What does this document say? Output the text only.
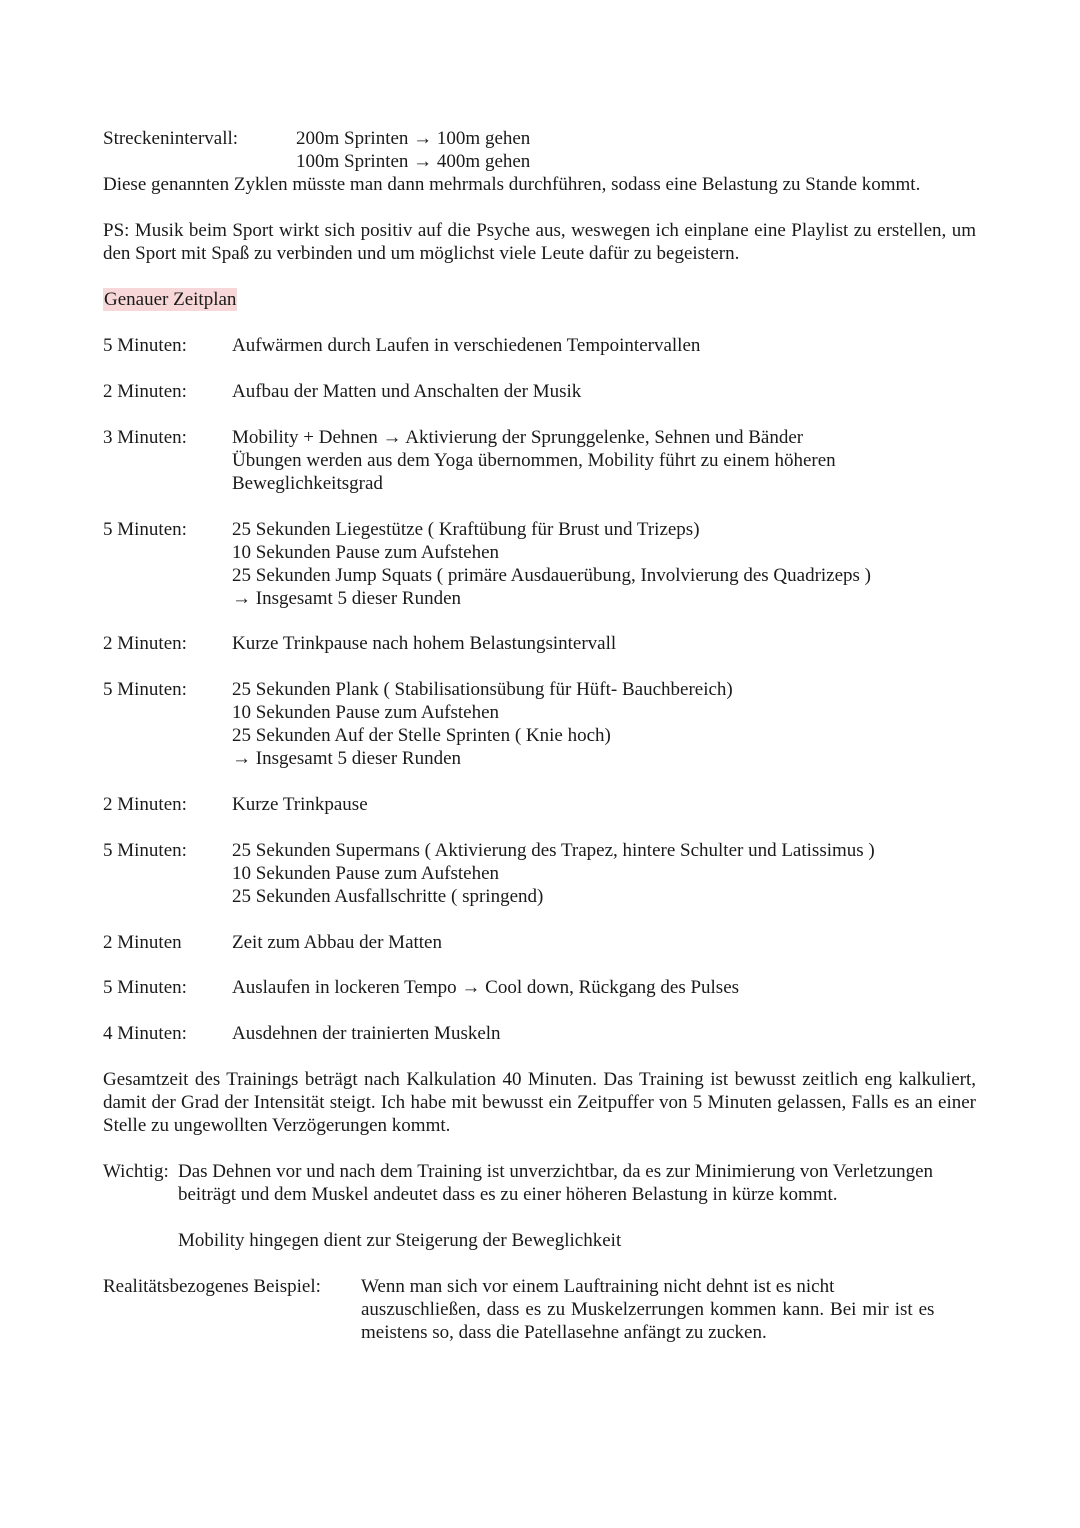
Streckenintervall:	200m Sprinten → 100m gehen
100m Sprinten → 400m gehen
Diese genannten Zyklen müsste man dann mehrmals durchführen, sodass eine Belastung zu Stande kommt.
PS: Musik beim Sport wirkt sich positiv auf die Psyche aus, weswegen ich einplane eine Playlist zu erstellen, um den Sport mit Spaß zu verbinden und um möglichst viele Leute dafür zu begeistern.
Genauer Zeitplan
5 Minuten: Aufwärmen durch Laufen in verschiedenen Tempointervallen
2 Minuten: Aufbau der Matten und Anschalten der Musik
3 Minuten: Mobility + Dehnen → Aktivierung der Sprunggelenke, Sehnen und Bänder
Übungen werden aus dem Yoga übernommen, Mobility führt zu einem höheren
Beweglichkeitsgrad
5 Minuten: 25 Sekunden Liegestütze ( Kraftübung für Brust und Trizeps)
10 Sekunden Pause zum Aufstehen
25 Sekunden Jump Squats ( primäre Ausdauerübung, Involvierung des Quadrizeps )
→ Insgesamt 5 dieser Runden
2 Minuten: Kurze Trinkpause nach hohem Belastungsintervall
5 Minuten: 25 Sekunden Plank ( Stabilisationsübung für Hüft- Bauchbereich)
10 Sekunden Pause zum Aufstehen
25 Sekunden Auf der Stelle Sprinten ( Knie hoch)
→ Insgesamt 5 dieser Runden
2 Minuten: Kurze Trinkpause
5 Minuten: 25 Sekunden Supermans ( Aktivierung des Trapez, hintere Schulter und Latissimus )
10 Sekunden Pause zum Aufstehen
25 Sekunden Ausfallschritte ( springend)
2 Minuten	Zeit zum Abbau der Matten
5 Minuten: Auslaufen in lockeren Tempo → Cool down, Rückgang des Pulses
4 Minuten: Ausdehnen der trainierten Muskeln
Gesamtzeit des Trainings beträgt nach Kalkulation 40 Minuten. Das Training ist bewusst zeitlich eng kalkuliert, damit der Grad der Intensität steigt. Ich habe mit bewusst ein Zeitpuffer von 5 Minuten gelassen, Falls es an einer Stelle zu ungewollten Verzögerungen kommt.
Wichtig: Das Dehnen vor und nach dem Training ist unverzichtbar, da es zur Minimierung von Verletzungen
beiträgt und dem Muskel andeutet dass es zu einer höheren Belastung in kürze kommt.
Mobility hingegen dient zur Steigerung der Beweglichkeit
Realitätsbezogenes Beispiel: Wenn man sich vor einem Lauftraining nicht dehnt ist es nicht
auszuschließen, dass es zu Muskelzerrungen kommen kann. Bei mir ist es
meistens so, dass die Patellasehne anfängt zu zucken.
